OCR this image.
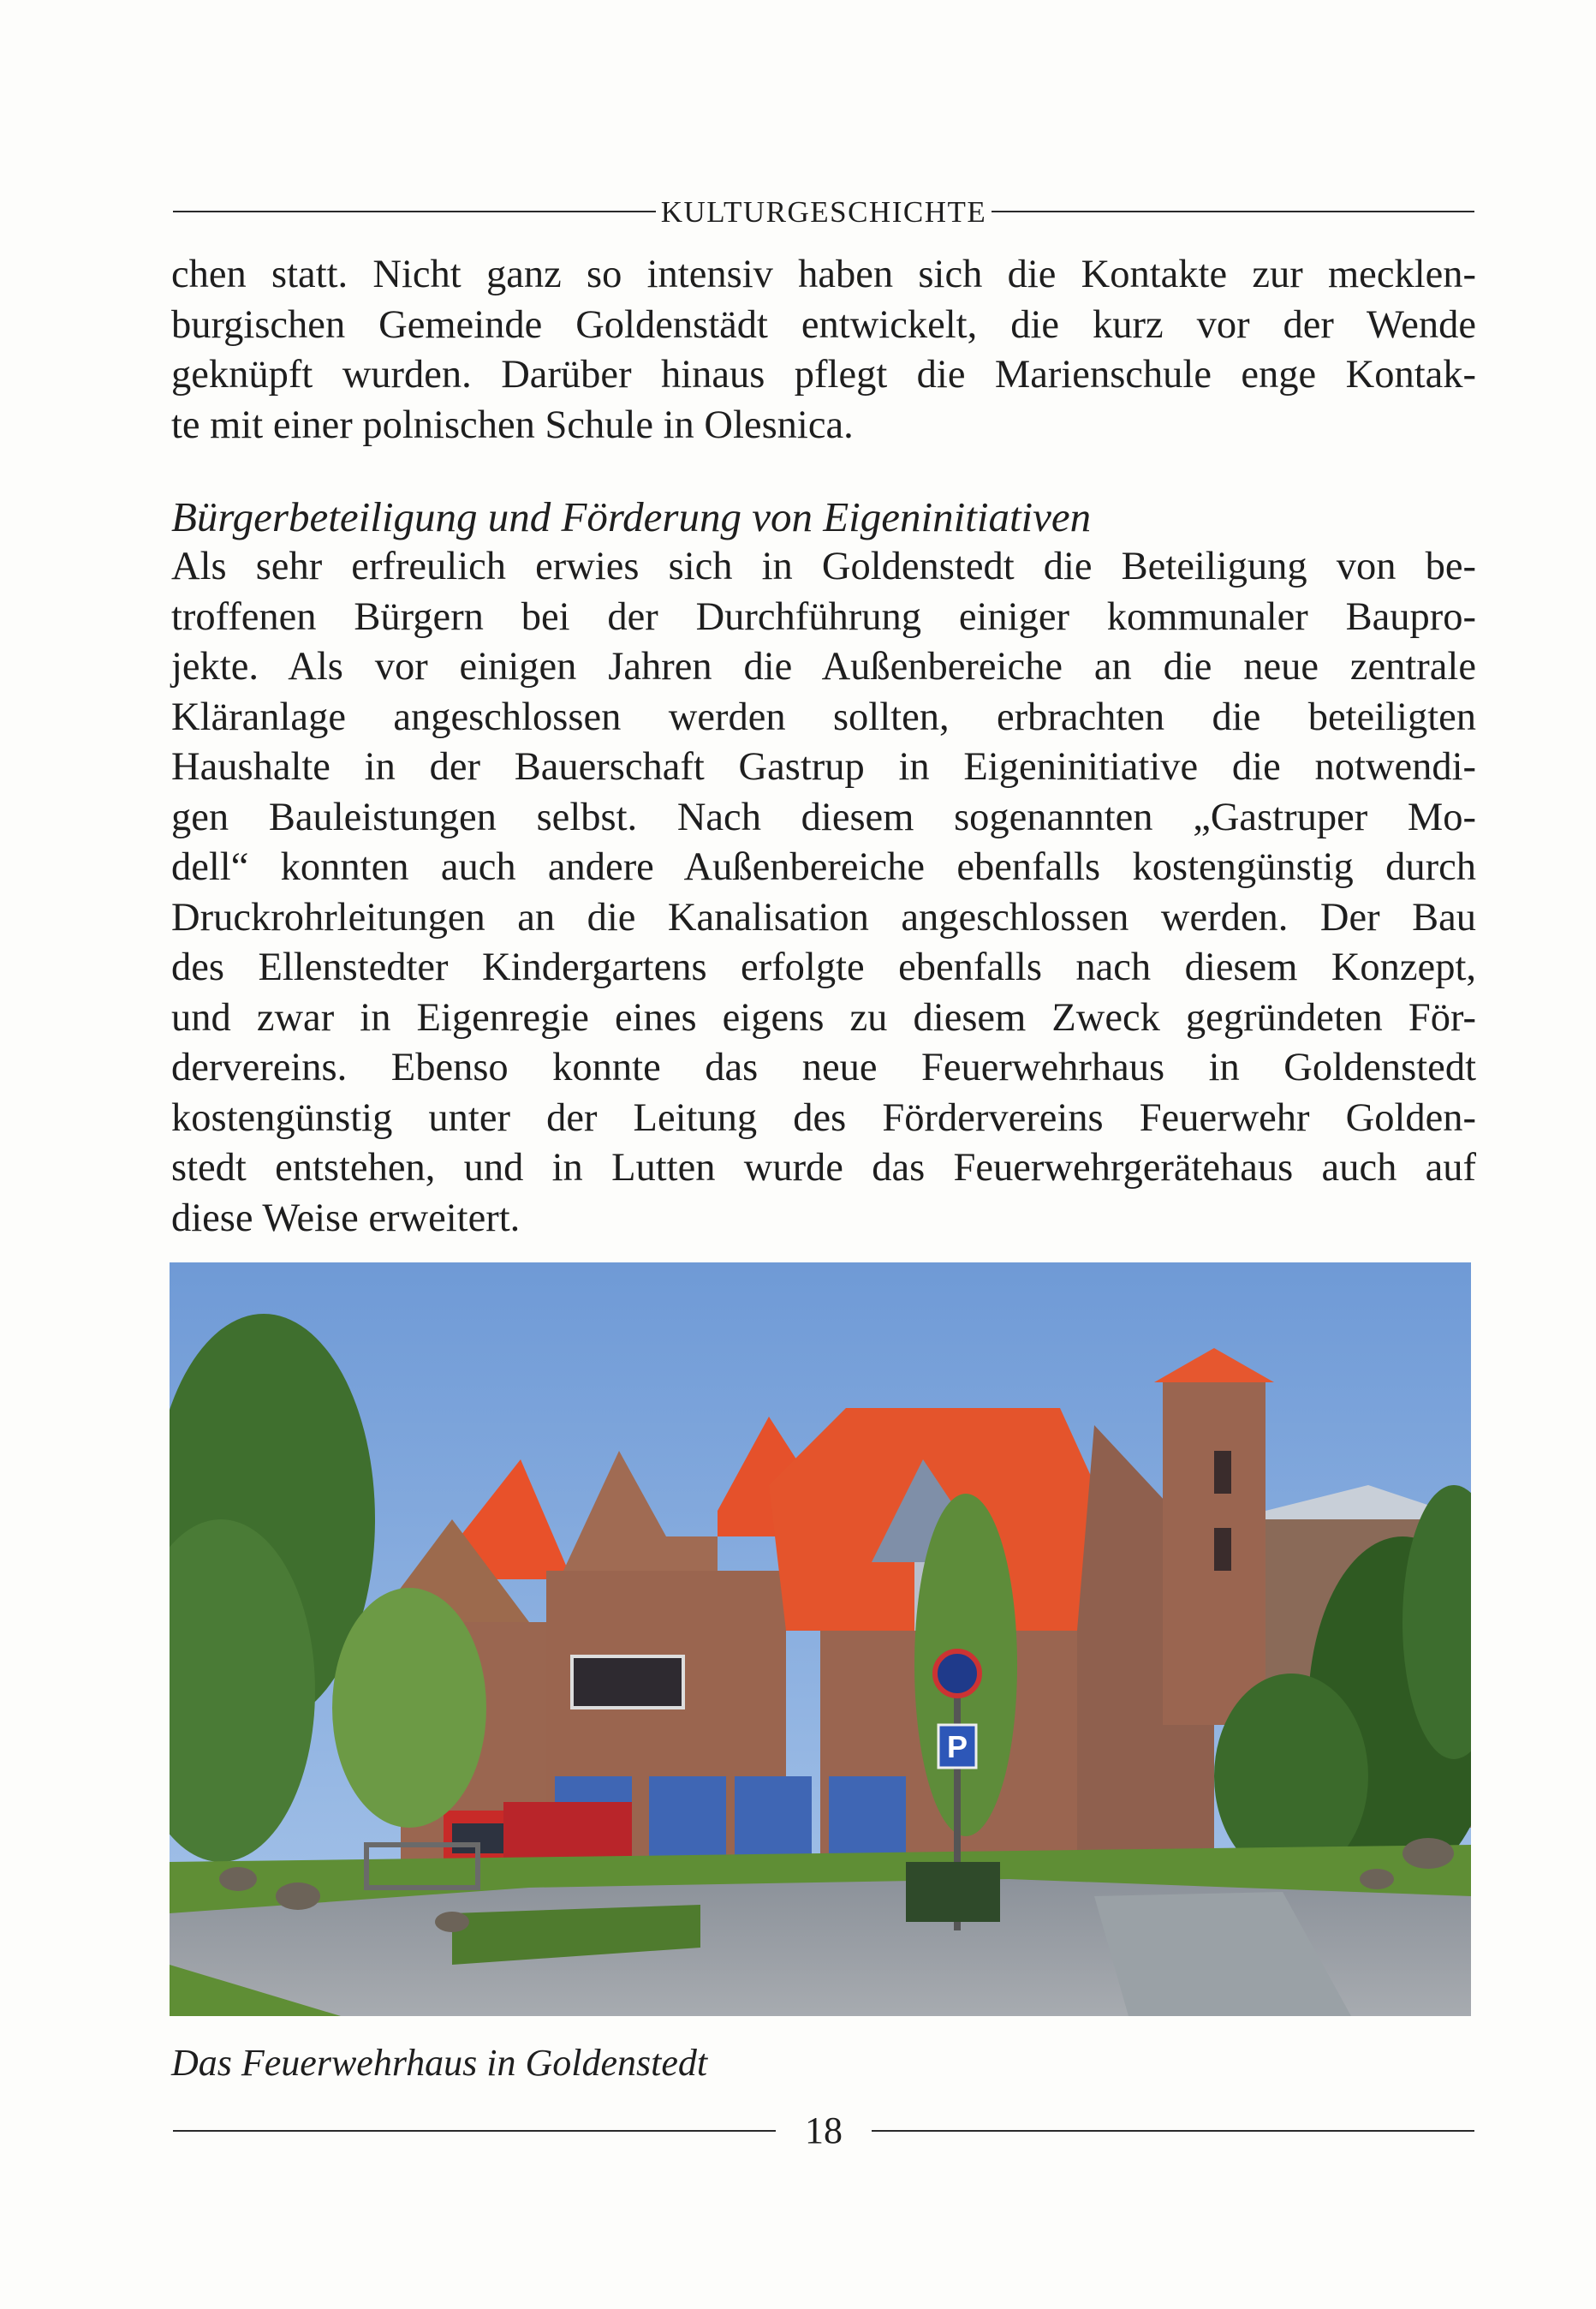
KULTURGESCHICHTE
chen statt. Nicht ganz so intensiv haben sich die Kontakte zur mecklen-
burgischen Gemeinde Goldenstädt entwickelt, die kurz vor der Wende
geknüpft wurden. Darüber hinaus pflegt die Marienschule enge Kontak-
te mit einer polnischen Schule in Olesnica.
Bürgerbeteiligung und Förderung von Eigeninitiativen
Als sehr erfreulich erwies sich in Goldenstedt die Beteiligung von be-
troffenen Bürgern bei der Durchführung einiger kommunaler Baupro-
jekte. Als vor einigen Jahren die Außenbereiche an die neue zentrale
Kläranlage angeschlossen werden sollten, erbrachten die beteiligten
Haushalte in der Bauerschaft Gastrup in Eigeninitiative die notwendi-
gen Bauleistungen selbst. Nach diesem sogenannten „Gastruper Mo-
dell“ konnten auch andere Außenbereiche ebenfalls kostengünstig durch
Druckrohrleitungen an die Kanalisation angeschlossen werden. Der Bau
des Ellenstedter Kindergartens erfolgte ebenfalls nach diesem Konzept,
und zwar in Eigenregie eines eigens zu diesem Zweck gegründeten För-
dervereins. Ebenso konnte das neue Feuerwehrhaus in Goldenstedt
kostengünstig unter der Leitung des Fördervereins Feuerwehr Golden-
stedt entstehen, und in Lutten wurde das Feuerwehrgerätehaus auch auf
diese Weise erweitert.
P
Das Feuerwehrhaus in Goldenstedt
18
